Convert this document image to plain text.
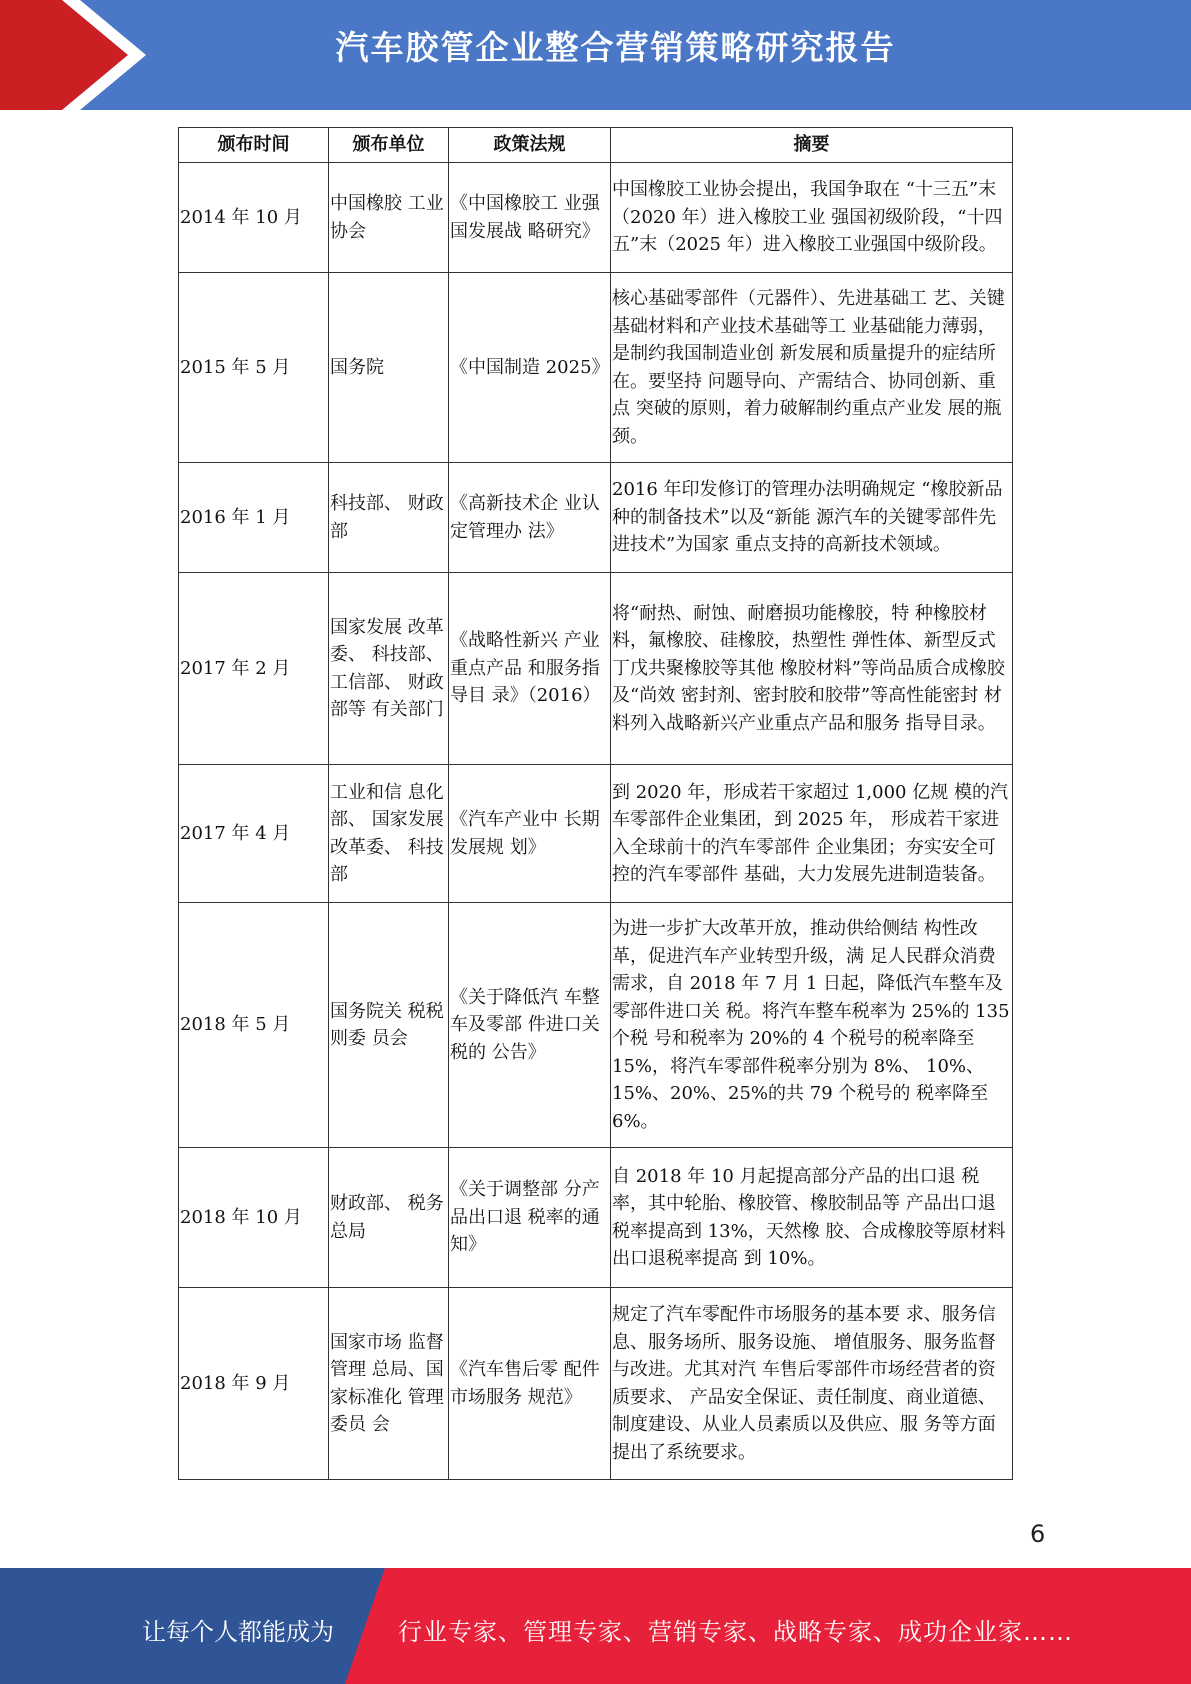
汽车胶管企业整合营销策略研究报告
颁布时间	颁布单位	政策法规	摘要
2014 年 10 月	中国橡胶 工业协会	《中国橡胶工 业强国发展战 略研究》	中国橡胶工业协会提出，我国争取在 “十三五”末（2020 年）进入橡胶工业 强国初级阶段，“十四五”末（2025 年）进入橡胶工业强国中级阶段。
2015 年 5 月	国务院	《中国制造 2025》	核心基础零部件（元器件）、先进基础工 艺、关键基础材料和产业技术基础等工 业基础能力薄弱，是制约我国制造业创 新发展和质量提升的症结所在。要坚持 问题导向、产需结合、协同创新、重点 突破的原则，着力破解制约重点产业发 展的瓶颈。
2016 年 1 月	科技部、 财政部	《高新技术企 业认定管理办 法》	2016 年印发修订的管理办法明确规定 “橡胶新品种的制备技术”以及“新能 源汽车的关键零部件先进技术”为国家 重点支持的高新技术领域。
2017 年 2 月	国家发展 改革委、 科技部、 工信部、 财政部等 有关部门	《战略性新兴 产业重点产品 和服务指导目 录》（2016）	将“耐热、耐蚀、耐磨损功能橡胶，特 种橡胶材料，氟橡胶、硅橡胶，热塑性 弹性体、新型反式丁戊共聚橡胶等其他 橡胶材料”等尚品质合成橡胶及“尚效 密封剂、密封胶和胶带”等高性能密封 材料列入战略新兴产业重点产品和服务 指导目录。
2017 年 4 月	工业和信 息化部、 国家发展 改革委、 科技部	《汽车产业中 长期发展规 划》	到 2020 年，形成若干家超过 1,000 亿规 模的汽车零部件企业集团，到 2025 年， 形成若干家进入全球前十的汽车零部件 企业集团；夯实安全可控的汽车零部件 基础，大力发展先进制造装备。
2018 年 5 月	国务院关 税税则委 员会	《关于降低汽 车整车及零部 件进口关税的 公告》	为进一步扩大改革开放，推动供给侧结 构性改革，促进汽车产业转型升级，满 足人民群众消费需求，自 2018 年 7 月 1 日起，降低汽车整车及零部件进口关 税。将汽车整车税率为 25%的 135 个税 号和税率为 20%的 4 个税号的税率降至 15%，将汽车零部件税率分别为 8%、 10%、15%、20%、25%的共 79 个税号的 税率降至 6%。
2018 年 10 月	财政部、 税务总局	《关于调整部 分产品出口退 税率的通知》	自 2018 年 10 月起提高部分产品的出口退 税率，其中轮胎、橡胶管、橡胶制品等 产品出口退税率提高到 13%，天然橡 胶、合成橡胶等原材料出口退税率提高 到 10%。
2018 年 9 月	国家市场 监督管理 总局、国 家标准化 管理委员 会	《汽车售后零 配件市场服务 规范》	规定了汽车零配件市场服务的基本要 求、服务信息、服务场所、服务设施、 增值服务、服务监督与改进。尤其对汽 车售后零部件市场经营者的资质要求、 产品安全保证、责任制度、商业道德、 制度建设、从业人员素质以及供应、服 务等方面提出了系统要求。
6
让每个人都能成为	行业专家、管理专家、营销专家、战略专家、成功企业家……
